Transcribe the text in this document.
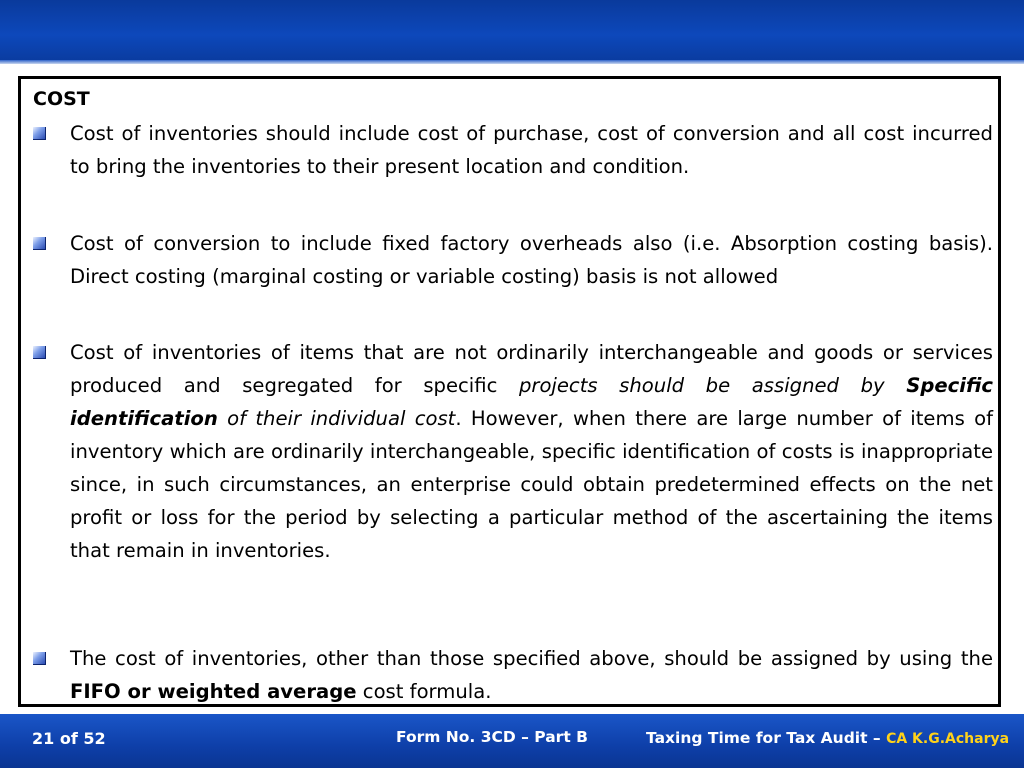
COST

Cost of inventories should include cost of purchase, cost of conversion and all cost incurred to bring the inventories to their present location and condition.

Cost of conversion to include fixed factory overheads also (i.e. Absorption costing basis). Direct costing (marginal costing or variable costing) basis is not allowed

Cost of inventories of items that are not ordinarily interchangeable and goods or services produced and segregated for specific projects should be assigned by Specific identification of their individual cost. However, when there are large number of items of inventory which are ordinarily interchangeable, specific identification of costs is inappropriate since, in such circumstances, an enterprise could obtain predetermined effects on the net profit or loss for the period by selecting a particular method of the ascertaining the items that remain in inventories.

The cost of inventories, other than those specified above, should be assigned by using the FIFO or weighted average cost formula.

21 of 52	Form No. 3CD – Part B	Taxing Time for Tax Audit – CA K.G.Acharya
